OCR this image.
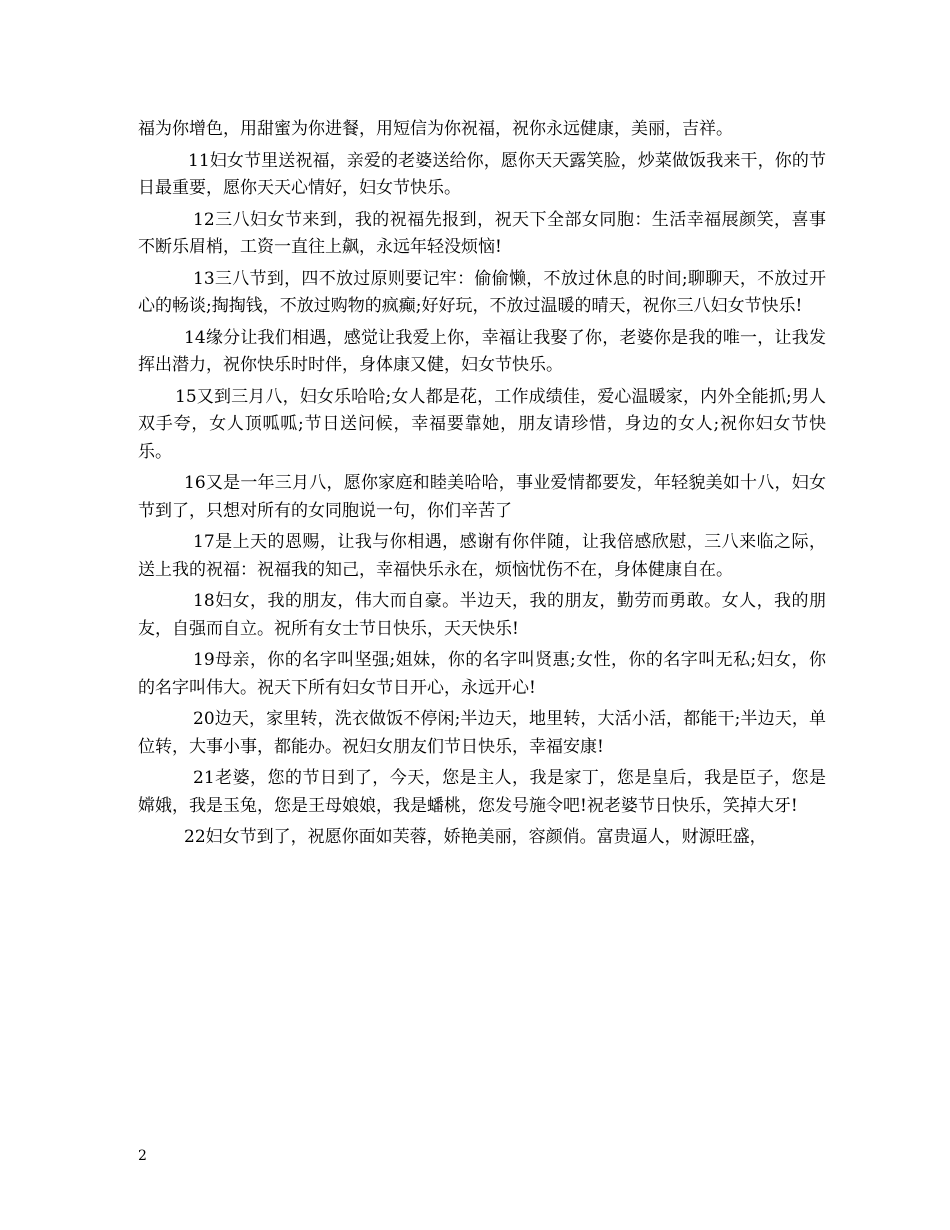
福为你增色，用甜蜜为你进餐，用短信为你祝福，祝你永远健康，美丽，吉祥。

11妇女节里送祝福，亲爱的老婆送给你，愿你天天露笑脸，炒菜做饭我来干，你的节日最重要，愿你天天心情好，妇女节快乐。

12三八妇女节来到，我的祝福先报到，祝天下全部女同胞：生活幸福展颜笑，喜事不断乐眉梢，工资一直往上飙，永远年轻没烦恼!

13三八节到，四不放过原则要记牢：偷偷懒，不放过休息的时间;聊聊天，不放过开心的畅谈;掏掏钱，不放过购物的疯癫;好好玩，不放过温暖的晴天，祝你三八妇女节快乐!

14缘分让我们相遇，感觉让我爱上你，幸福让我娶了你，老婆你是我的唯一，让我发挥出潜力，祝你快乐时时伴，身体康又健，妇女节快乐。

15又到三月八，妇女乐哈哈;女人都是花，工作成绩佳，爱心温暖家，内外全能抓;男人双手夸，女人顶呱呱;节日送问候，幸福要靠她，朋友请珍惜，身边的女人;祝你妇女节快乐。

16又是一年三月八，愿你家庭和睦美哈哈，事业爱情都要发，年轻貌美如十八，妇女节到了，只想对所有的女同胞说一句，你们辛苦了

17是上天的恩赐，让我与你相遇，感谢有你伴随，让我倍感欣慰，三八来临之际，送上我的祝福：祝福我的知己，幸福快乐永在，烦恼忧伤不在，身体健康自在。

18妇女，我的朋友，伟大而自豪。半边天，我的朋友，勤劳而勇敢。女人，我的朋友，自强而自立。祝所有女士节日快乐，天天快乐!

19母亲，你的名字叫坚强;姐妹，你的名字叫贤惠;女性，你的名字叫无私;妇女，你的名字叫伟大。祝天下所有妇女节日开心，永远开心!

20边天，家里转，洗衣做饭不停闲;半边天，地里转，大活小活，都能干;半边天，单位转，大事小事，都能办。祝妇女朋友们节日快乐，幸福安康!

21老婆，您的节日到了，今天，您是主人，我是家丁，您是皇后，我是臣子，您是嫦娥，我是玉兔，您是王母娘娘，我是蟠桃，您发号施令吧!祝老婆节日快乐，笑掉大牙!

22妇女节到了，祝愿你面如芙蓉，娇艳美丽，容颜俏。富贵逼人，财源旺盛，

2
